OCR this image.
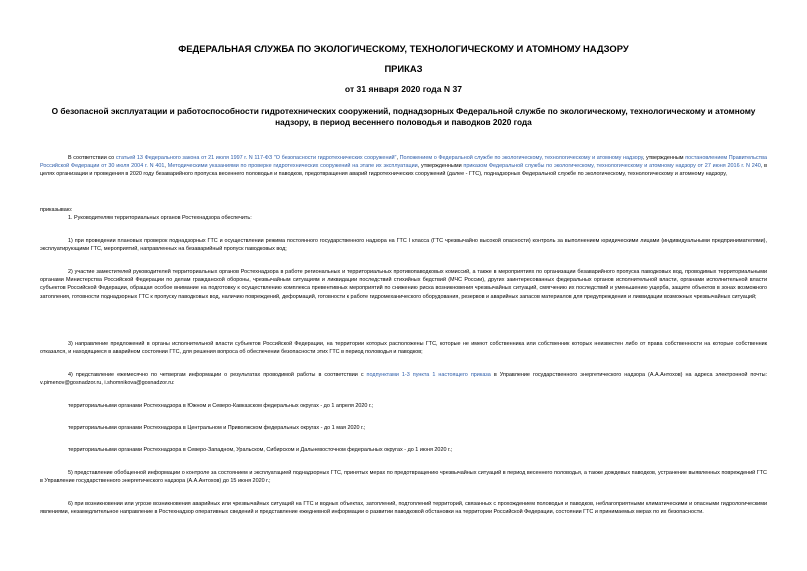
ФЕДЕРАЛЬНАЯ СЛУЖБА ПО ЭКОЛОГИЧЕСКОМУ, ТЕХНОЛОГИЧЕСКОМУ И АТОМНОМУ НАДЗОРУ
ПРИКАЗ
от 31 января 2020 года N 37
О безопасной эксплуатации и работоспособности гидротехнических сооружений, поднадзорных Федеральной службе по экологическому, технологическому и атомному надзору, в период весеннего половодья и паводков 2020 года
В соответствии со статьей 13 Федерального закона от 21 июля 1997 г. N 117-ФЗ "О безопасности гидротехнических сооружений", Положением о Федеральной службе по экологическому, технологическому и атомному надзору, утвержденным постановлением Правительства Российской Федерации от 30 июля 2004 г. N 401, Методическими указаниями по проверке гидротехнических сооружений на этапе их эксплуатации, утвержденными приказом Федеральной службы по экологическому, технологическому и атомному надзору от 27 июня 2016 г. N 240, в целях организации и проведения в 2020 году безаварийного пропуска весеннего половодья и паводков, предотвращения аварий гидротехнических сооружений (далее - ГТС), поднадзорных Федеральной службе по экологическому, технологическому и атомному надзору,
приказываю:
1. Руководителям территориальных органов Ростехнадзора обеспечить:
1) при проведении плановых проверок поднадзорных ГТС и осуществлении режима постоянного государственного надзора на ГТС I класса (ГТС чрезвычайно высокой опасности) контроль за выполнением юридическими лицами (индивидуальными предпринимателями), эксплуатирующими ГТС, мероприятий, направленных на безаварийный пропуск паводковых вод;
2) участие заместителей руководителей территориальных органов Ростехнадзора в работе региональных и территориальных противопаводковых комиссий, а также в мероприятиях по организации безаварийного пропуска паводковых вод, проводимых территориальными органами Министерства Российской Федерации по делам гражданской обороны, чрезвычайным ситуациям и ликвидации последствий стихийных бедствий (МЧС России), других заинтересованных федеральных органов исполнительной власти, органами исполнительной власти субъектов Российской Федерации, обращая особое внимание на подготовку к осуществлению комплекса превентивных мероприятий по снижению риска возникновения чрезвычайных ситуаций, смягчению их последствий и уменьшению ущерба, защите объектов в зонах возможного затопления, готовности поднадзорных ГТС к пропуску паводковых вод, наличию повреждений, деформаций, готовности к работе гидромеханического оборудования, резервов и аварийных запасов материалов для предупреждения и ликвидации возможных чрезвычайных ситуаций;
3) направление предложений в органы исполнительной власти субъектов Российской Федерации, на территории которых расположены ГТС, которые не имеют собственника или собственник которых неизвестен либо от права собственности на которые собственник отказался, и находящиеся в аварийном состоянии ГТС, для решения вопроса об обеспечении безопасности этих ГТС в период половодья и паводков;
4) представление ежемесячно по четвергам информации о результатах проводимой работы в соответствии с подпунктами 1-3 пункта 1 настоящего приказа в Управление государственного энергетического надзора (А.А.Антохов) на адреса электронной почты: v.pimenov@gosnadzor.ru, i.shomnikova@gosnadzor.ru:
территориальными органами Ростехнадзора в Южном и Северо-Кавказском федеральных округах - до 1 апреля 2020 г.;
территориальными органами Ростехнадзора в Центральном и Приволжском федеральных округах - до 1 мая 2020 г.;
территориальными органами Ростехнадзора в Северо-Западном, Уральском, Сибирском и Дальневосточном федеральных округах - до 1 июня 2020 г.;
5) представление обобщенной информации о контроле за состоянием и эксплуатацией поднадзорных ГТС, принятых мерах по предотвращению чрезвычайных ситуаций в период весеннего половодья, а также дождевых паводков, устранение выявленных повреждений ГТС в Управление государственного энергетического надзора (А.А.Антохов) до 15 июня 2020 г.;
6) при возникновении или угрозе возникновения аварийных или чрезвычайных ситуаций на ГТС и водных объектах, затоплений, подтоплений территорий, связанных с прохождением половодья и паводков, неблагоприятными климатическими и опасными гидрологическими явлениями, незамедлительное направление в Ростехнадзор оперативных сведений и представление ежедневной информации о развитии паводковой обстановки на территории Российской Федерации, состоянии ГТС и принимаемых мерах по их безопасности.
